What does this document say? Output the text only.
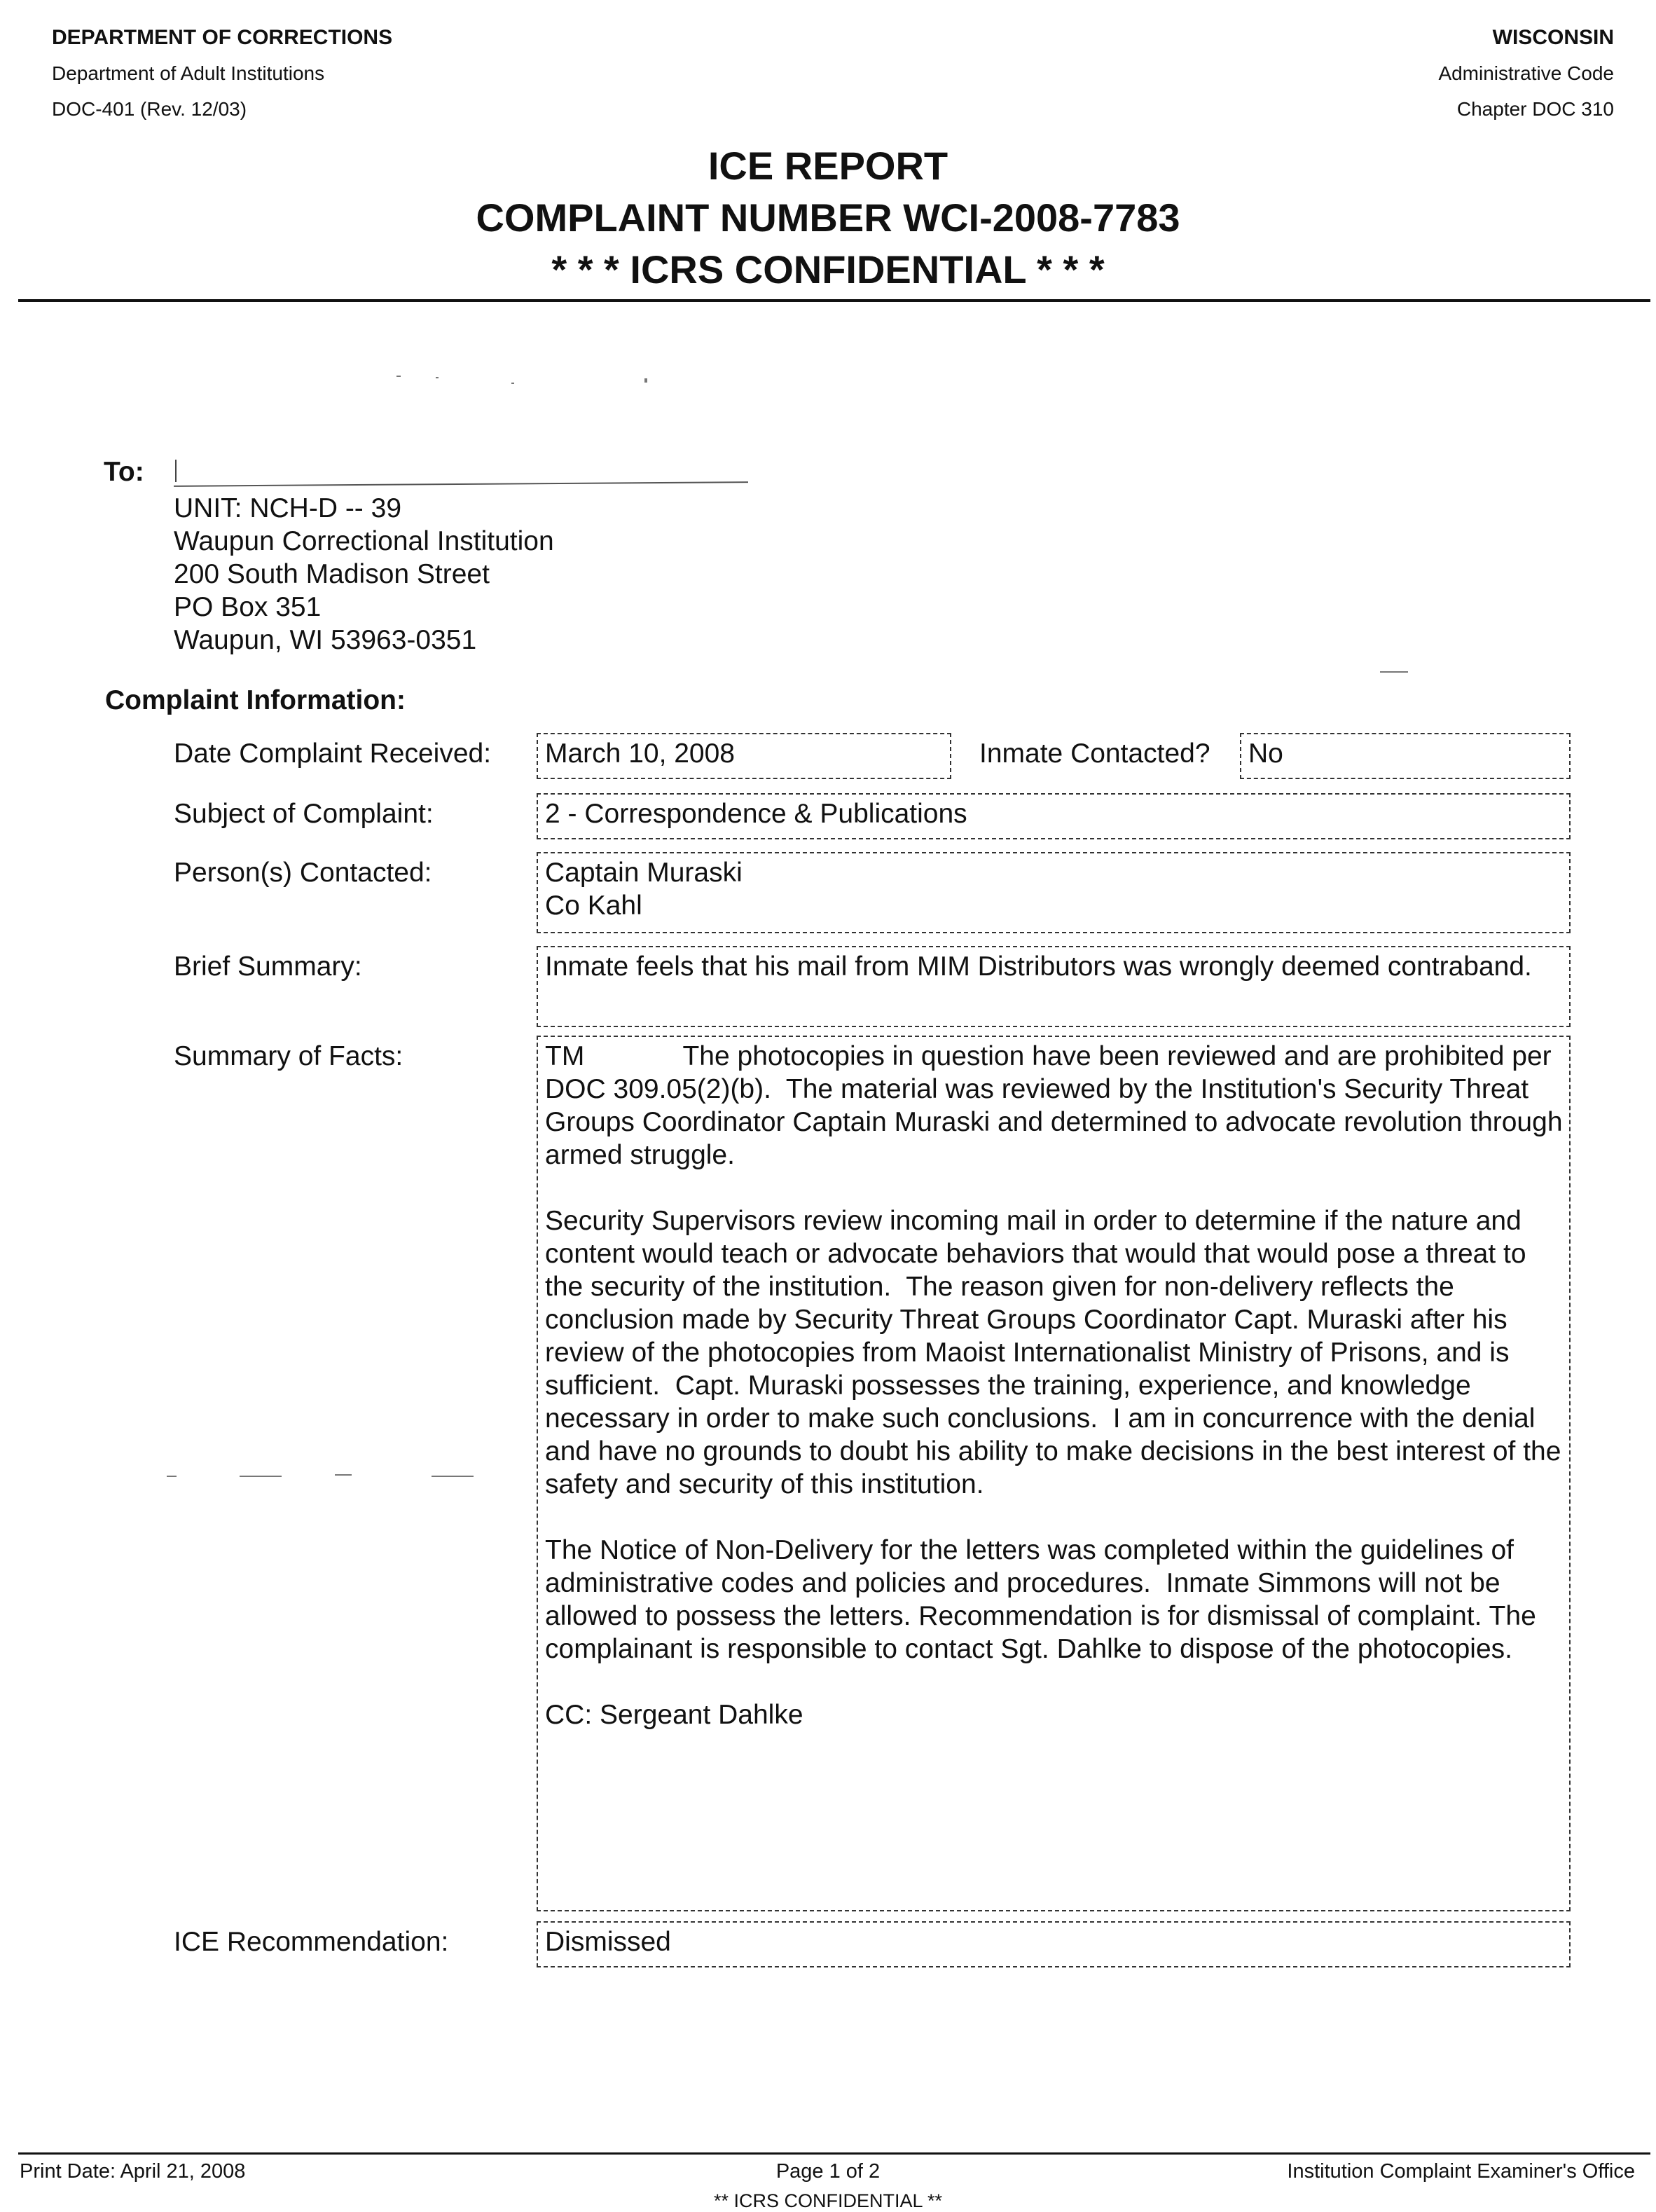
DEPARTMENT OF CORRECTIONS
Department of Adult Institutions
DOC-401 (Rev. 12/03)
WISCONSIN
Administrative Code
Chapter DOC 310
ICE REPORT
COMPLAINT NUMBER WCI-2008-7783
* * * ICRS CONFIDENTIAL * * *
To:
UNIT: NCH-D -- 39
Waupun Correctional Institution
200 South Madison Street
PO Box 351
Waupun, WI 53963-0351
Complaint Information:
Date Complaint Received:	March 10, 2008	Inmate Contacted?	No
Subject of Complaint:	2 - Correspondence & Publications
Person(s) Contacted:	Captain Muraski
Co Kahl
Brief Summary:	Inmate feels that his mail from MIM Distributors was wrongly deemed contraband.

Summary of Facts:	TM             The photocopies in question have been reviewed and are prohibited per DOC 309.05(2)(b).  The material was reviewed by the Institution's Security Threat Groups Coordinator Captain Muraski and determined to advocate revolution through armed struggle.

Security Supervisors review incoming mail in order to determine if the nature and content would teach or advocate behaviors that would that would pose a threat to the security of the institution.  The reason given for non-delivery reflects the conclusion made by Security Threat Groups Coordinator Capt. Muraski after his review of the photocopies from Maoist Internationalist Ministry of Prisons, and is sufficient.  Capt. Muraski possesses the training, experience, and knowledge necessary in order to make such conclusions.  I am in concurrence with the denial and have no grounds to doubt his ability to make decisions in the best interest of the safety and security of this institution.

The Notice of Non-Delivery for the letters was completed within the guidelines of administrative codes and policies and procedures.  Inmate Simmons will not be allowed to possess the letters. Recommendation is for dismissal of complaint. The complainant is responsible to contact Sgt. Dahlke to dispose of the photocopies.

CC: Sergeant Dahlke

ICE Recommendation:	Dismissed
Print Date: April 21, 2008	Page 1 of 2	Institution Complaint Examiner's Office
** ICRS CONFIDENTIAL **
